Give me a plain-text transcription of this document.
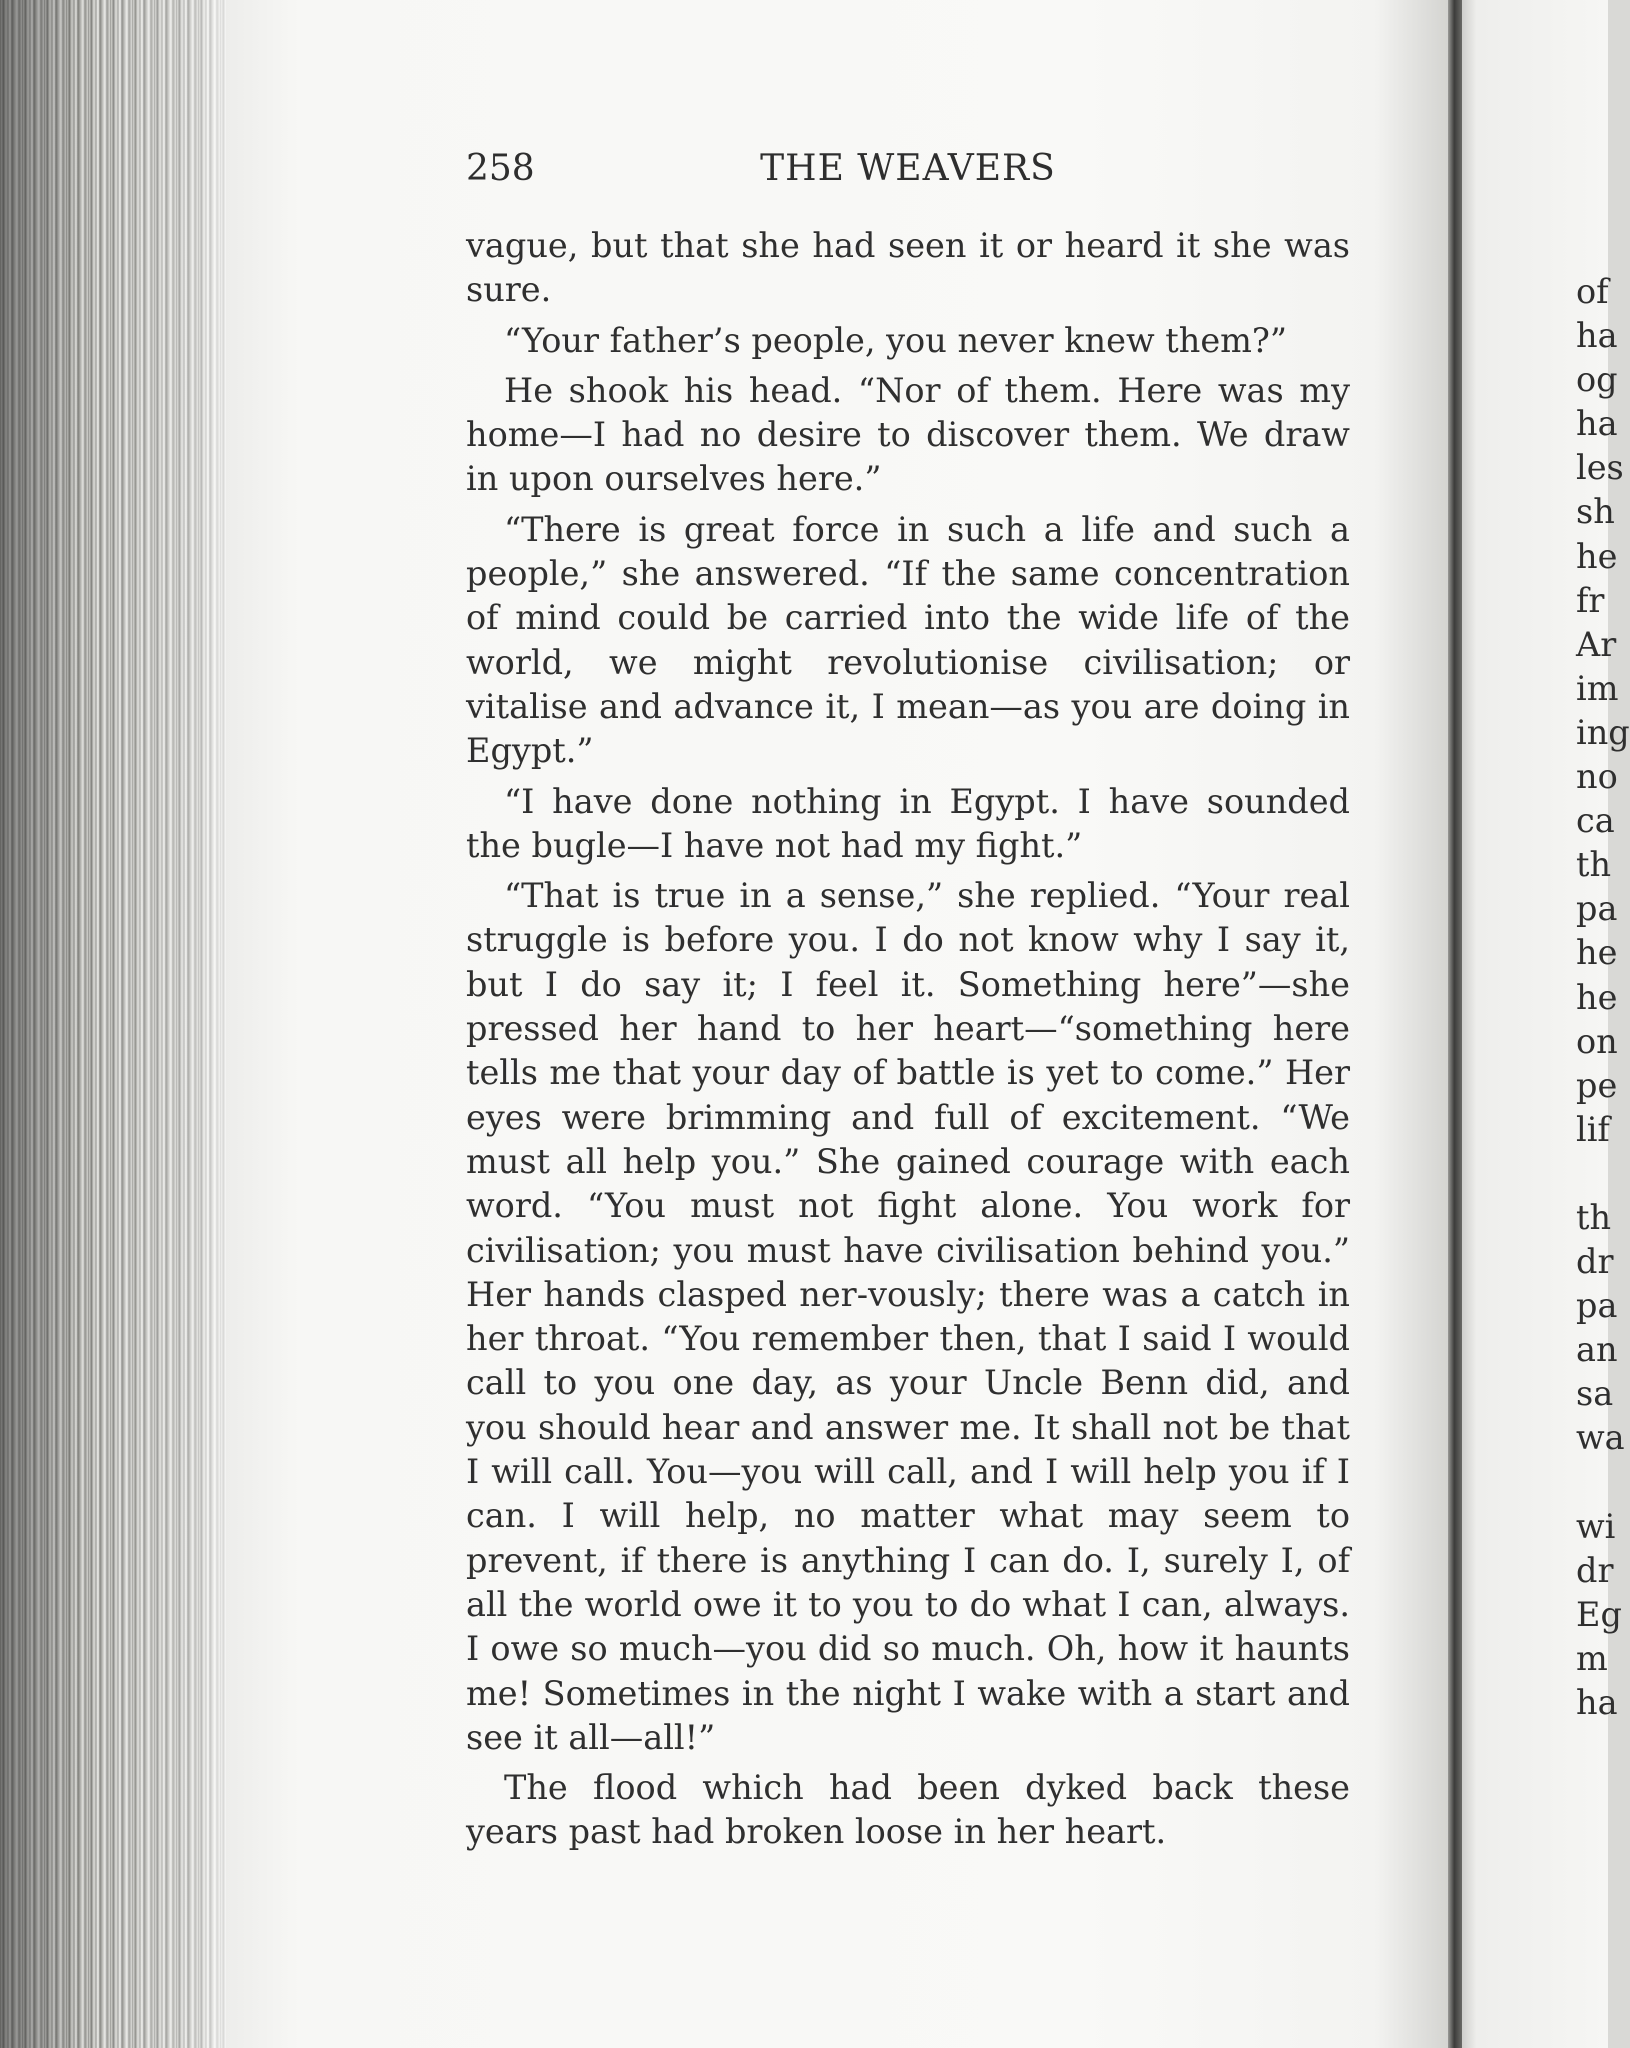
of
ha
og
ha
les
sh
he
fr
Ar
im
ing
no
ca
th
pa
he
he
on
pe
lif
th
dr
pa
an
sa
wa
wi
dr
Eg
m
ha
258	THE WEAVERS

vague, but that she had seen it or heard it she was sure.

“Your father’s people, you never knew them?”

He shook his head. “Nor of them. Here was my home—I had no desire to discover them. We draw in upon ourselves here.”

“There is great force in such a life and such a people,” she answered. “If the same concentration of mind could be carried into the wide life of the world, we might revolutionise civilisation; or vitalise and advance it, I mean—as you are doing in Egypt.”

“I have done nothing in Egypt. I have sounded the bugle—I have not had my fight.”

“That is true in a sense,” she replied. “Your real struggle is before you. I do not know why I say it, but I do say it; I feel it. Something here”—she pressed her hand to her heart—“something here tells me that your day of battle is yet to come.” Her eyes were brimming and full of excitement. “We must all help you.” She gained courage with each word. “You must not fight alone. You work for civilisation; you must have civilisation behind you.” Her hands clasped ner-vously; there was a catch in her throat. “You remember then, that I said I would call to you one day, as your Uncle Benn did, and you should hear and answer me. It shall not be that I will call. You—you will call, and I will help you if I can. I will help, no matter what may seem to prevent, if there is anything I can do. I, surely I, of all the world owe it to you to do what I can, always. I owe so much—you did so much. Oh, how it haunts me! Sometimes in the night I wake with a start and see it all—all!”

The flood which had been dyked back these years past had broken loose in her heart.
